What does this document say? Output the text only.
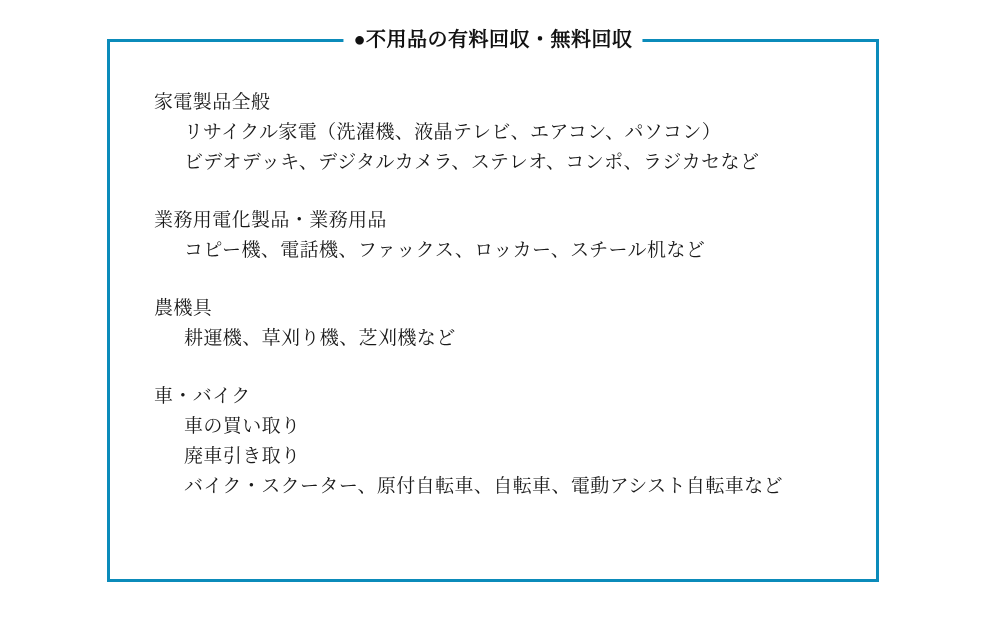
●不用品の有料回収・無料回収
家電製品全般
リサイクル家電（洗濯機、液晶テレビ、エアコン、パソコン）
ビデオデッキ、デジタルカメラ、ステレオ、コンポ、ラジカセなど
業務用電化製品・業務用品
コピー機、電話機、ファックス、ロッカー、スチール机など
農機具
耕運機、草刈り機、芝刈機など
車・バイク
車の買い取り
廃車引き取り
バイク・スクーター、原付自転車、自転車、電動アシスト自転車など
